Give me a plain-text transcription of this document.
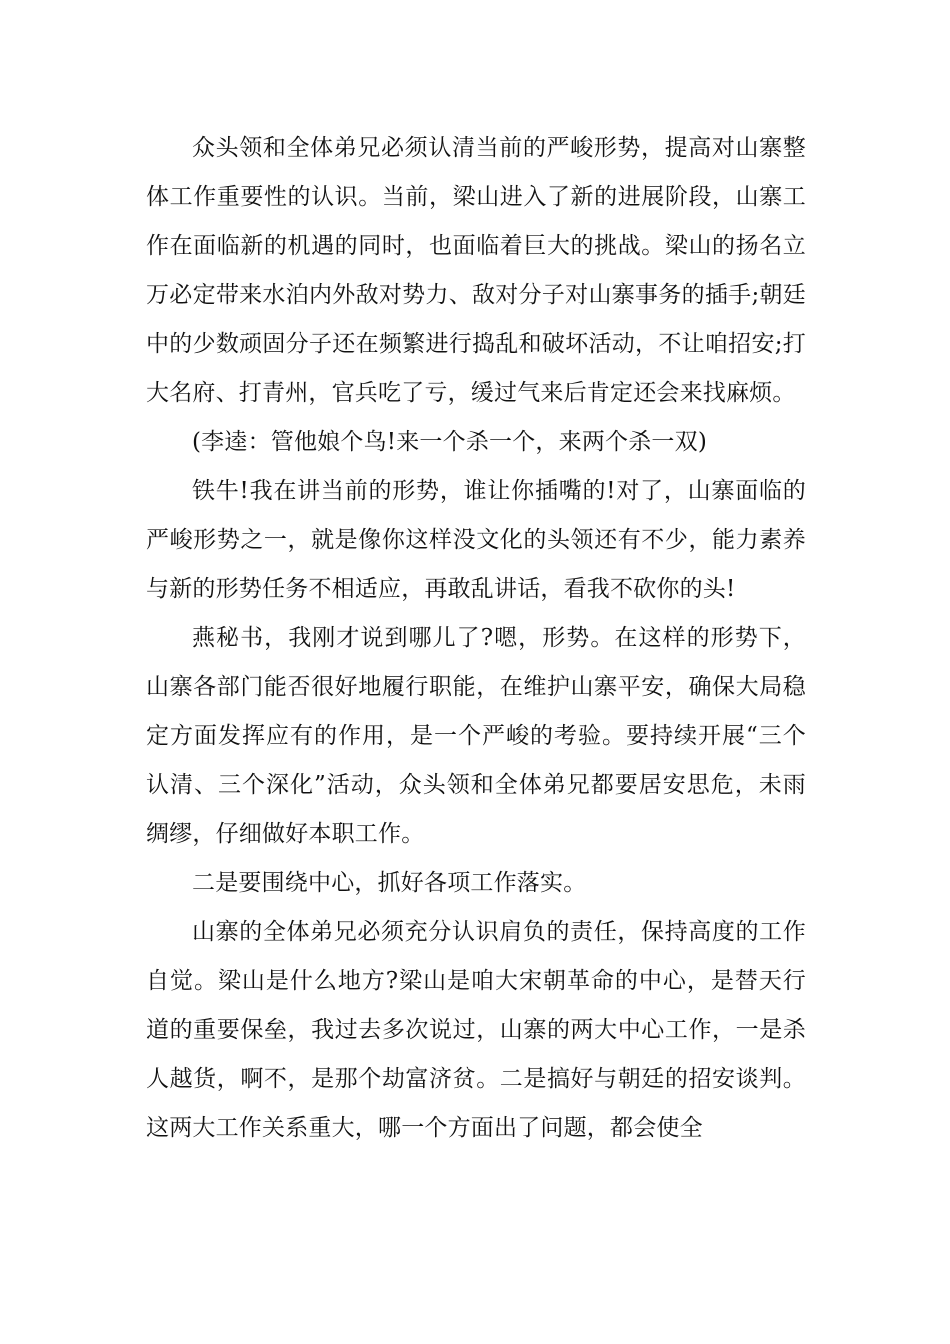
众头领和全体弟兄必须认清当前的严峻形势，提高对山寨整体工作重要性的认识。当前，梁山进入了新的进展阶段，山寨工作在面临新的机遇的同时，也面临着巨大的挑战。梁山的扬名立万必定带来水泊内外敌对势力、敌对分子对山寨事务的插手;朝廷中的少数顽固分子还在频繁进行捣乱和破坏活动，不让咱招安;打大名府、打青州，官兵吃了亏，缓过气来后肯定还会来找麻烦。

(李逵：管他娘个鸟!来一个杀一个，来两个杀一双)

铁牛!我在讲当前的形势，谁让你插嘴的!对了，山寨面临的严峻形势之一，就是像你这样没文化的头领还有不少，能力素养与新的形势任务不相适应，再敢乱讲话，看我不砍你的头!

燕秘书，我刚才说到哪儿了?嗯，形势。在这样的形势下，山寨各部门能否很好地履行职能，在维护山寨平安，确保大局稳定方面发挥应有的作用，是一个严峻的考验。要持续开展“三个认清、三个深化”活动，众头领和全体弟兄都要居安思危，未雨绸缪，仔细做好本职工作。

二是要围绕中心，抓好各项工作落实。

山寨的全体弟兄必须充分认识肩负的责任，保持高度的工作自觉。梁山是什么地方?梁山是咱大宋朝革命的中心，是替天行道的重要保垒，我过去多次说过，山寨的两大中心工作，一是杀人越货，啊不，是那个劫富济贫。二是搞好与朝廷的招安谈判。这两大工作关系重大，哪一个方面出了问题，都会使全
